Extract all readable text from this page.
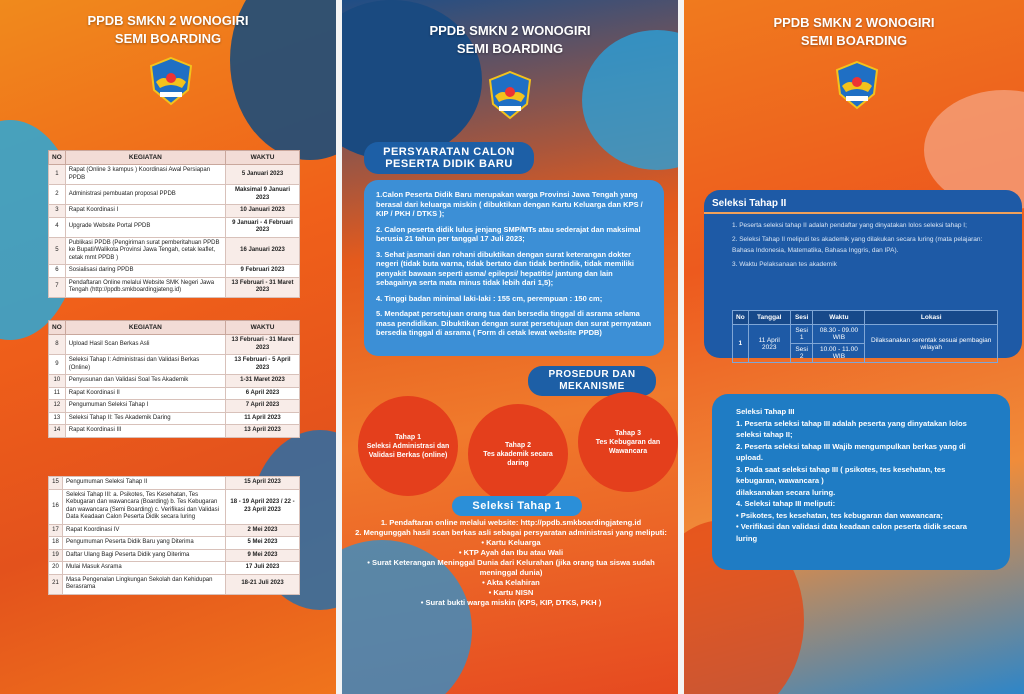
PPDB SMKN 2 WONOGIRI
SEMI BOARDING
NO	KEGIATAN	WAKTU
1	Rapat (Online 3 kampus ) Koordinasi Awal Persiapan PPDB	5 Januari 2023
2	Administrasi pembuatan proposal PPDB	Maksimal 9 Januari 2023
3	Rapat Koordinasi I	10 Januari 2023
4	Upgrade Website Portal PPDB	9 Januari - 4 Februari 2023
5	Publikasi PPDB (Pengiriman surat pemberitahuan PPDB ke Bupati/Walikota Provinsi Jawa Tengah, cetak leaflet, cetak mmt PPDB )	16 Januari 2023
6	Sosialisasi daring PPDB	9 Februari 2023
7	Pendaftaran Online melalui Website SMK Negeri Jawa Tengah (http://ppdb.smkboardingjateng.id)	13 Februari - 31 Maret 2023
NO	KEGIATAN	WAKTU
8	Upload Hasil Scan Berkas Asli	13 Februari - 31 Maret 2023
9	Seleksi Tahap I: Administrasi dan Validasi Berkas (Online)	13 Februari - 5 April 2023
10	Penyusunan dan Validasi Soal Tes Akademik	1-31 Maret 2023
11	Rapat Koordinasi II	6 April 2023
12	Pengumuman Seleksi Tahap I	7 April 2023
13	Seleksi Tahap II: Tes Akademik Daring	11 April 2023
14	Rapat Koordinasi III	13 April 2023
15	Pengumuman Seleksi Tahap II	15 April 2023
16	Seleksi Tahap III: a. Psikotes, Tes Kesehatan, Tes Kebugaran dan wawancara (Boarding) b. Tes Kebugaran dan wawancara (Semi Boarding) c. Verifikasi dan Validasi Data Keadaan Calon Peserta Didik secara luring	18 - 19 April 2023 / 22 - 23 April 2023
17	Rapat Koordinasi IV	2 Mei 2023
18	Pengumuman Peserta Didik Baru yang Diterima	5 Mei 2023
19	Daftar Ulang Bagi Peserta Didik yang Diterima	9 Mei 2023
20	Mulai Masuk Asrama	17 Juli 2023
21	Masa Pengenalan Lingkungan Sekolah dan Kehidupan Berasrama	18-21 Juli 2023
PPDB SMKN 2 WONOGIRI
SEMI BOARDING
PERSYARATAN CALON PESERTA DIDIK BARU

1.Calon Peserta Didik Baru merupakan warga Provinsi Jawa Tengah yang berasal dari keluarga miskin ( dibuktikan dengan Kartu Keluarga dan KPS / KIP / PKH / DTKS );

2. Calon peserta didik lulus jenjang SMP/MTs atau sederajat dan maksimal berusia 21 tahun per tanggal 17 Juli 2023;

3. Sehat jasmani dan rohani dibuktikan dengan surat keterangan dokter negeri (tidak buta warna, tidak bertato dan tidak bertindik, tidak memiliki penyakit bawaan seperti asma/ epilepsi/ hepatitis/ jantung dan lain sebagainya serta mata minus tidak lebih dari 1,5);

4. Tinggi badan minimal laki-laki : 155 cm, perempuan : 150 cm;

5. Mendapat persetujuan orang tua dan bersedia tinggal di asrama selama masa pendidikan. Dibuktikan dengan surat persetujuan dan surat pernyataan bersedia tinggal di asrama ( Form di cetak lewat website PPDB)

PROSEDUR DAN MEKANISME
Tahap 1
Seleksi Administrasi dan Validasi Berkas (online)
Tahap 2
Tes akademik secara daring
Tahap 3
Tes Kebugaran dan Wawancara
Seleksi Tahap 1
1. Pendaftaran online melalui website: http://ppdb.smkboardingjateng.id
2. Mengunggah hasil scan berkas asli sebagai persyaratan administrasi yang meliputi:
• Kartu Keluarga
• KTP Ayah dan Ibu atau Wali
• Surat Keterangan Meninggal Dunia dari Kelurahan (jika orang tua siswa sudah
meninggal dunia)
• Akta Kelahiran
• Kartu NISN
• Surat bukti warga miskin (KPS, KIP, DTKS, PKH )
PPDB SMKN 2 WONOGIRI
SEMI BOARDING
Seleksi Tahap II
1. Peserta seleksi tahap II adalah pendaftar yang dinyatakan lolos seleksi tahap I;
2. Seleksi Tahap II meliputi tes akademik yang dilakukan secara luring (mata pelajaran: Bahasa Indonesia, Matematika, Bahasa Inggris, dan IPA).
3. Waktu Pelaksanaan tes akademik
No	Tanggal	Sesi	Waktu	Lokasi
1	11 April 2023	Sesi 1	08.30 - 09.00 WIB	Dilaksanakan serentak sesuai pembagian wilayah
		Sesi 2	10.00 - 11.00 WIB	
Seleksi Tahap III
1. Peserta seleksi tahap III adalah peserta yang dinyatakan lolos seleksi tahap II;
2. Peserta seleksi tahap III Wajib mengumpulkan berkas yang di upload.
3. Pada saat seleksi tahap III ( psikotes, tes kesehatan, tes kebugaran, wawancara )
dilaksanakan secara luring.
4. Seleksi tahap III meliputi:
• Psikotes, tes kesehatan, tes kebugaran dan wawancara;
• Verifikasi dan validasi data keadaan calon peserta didik secara luring
